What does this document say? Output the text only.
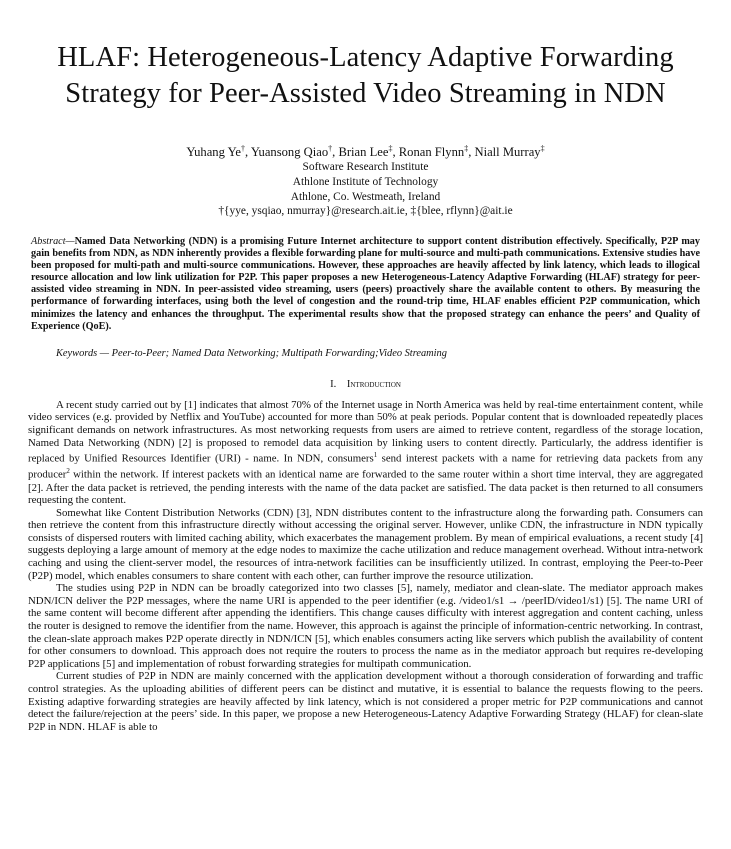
HLAF: Heterogeneous-Latency Adaptive Forwarding Strategy for Peer-Assisted Video Streaming in NDN
Yuhang Ye†, Yuansong Qiao†, Brian Lee‡, Ronan Flynn‡, Niall Murray‡
Software Research Institute
Athlone Institute of Technology
Athlone, Co. Westmeath, Ireland
†{yye, ysqiao, nmurray}@research.ait.ie, ‡{blee, rflynn}@ait.ie
Abstract—Named Data Networking (NDN) is a promising Future Internet architecture to support content distribution effectively. Specifically, P2P may gain benefits from NDN, as NDN inherently provides a flexible forwarding plane for multi-source and multi-path communications. Extensive studies have been proposed for multi-path and multi-source communications. However, these approaches are heavily affected by link latency, which leads to illogical resource allocation and low link utilization for P2P. This paper proposes a new Heterogeneous-Latency Adaptive Forwarding (HLAF) strategy for peer-assisted video streaming in NDN. In peer-assisted video streaming, users (peers) proactively share the available content to others. By measuring the performance of forwarding interfaces, using both the level of congestion and the round-trip time, HLAF enables efficient P2P communication, which minimizes the latency and enhances the throughput. The experimental results show that the proposed strategy can enhance the peers’ and Quality of Experience (QoE).
Keywords — Peer-to-Peer; Named Data Networking; Multipath Forwarding;Video Streaming
I. Introduction

A recent study carried out by [1] indicates that almost 70% of the Internet usage in North America was held by real-time entertainment content, while video services (e.g. provided by Netflix and YouTube) accounted for more than 50% at peak periods. Popular content that is downloaded repeatedly places significant demands on network infrastructures. As most networking requests from users are aimed to retrieve content, regardless of the storage location, Named Data Networking (NDN) [2] is proposed to remodel data acquisition by linking users to content directly. Particularly, the address identifier is replaced by Unified Resources Identifier (URI) - name. In NDN, consumers$^1$ send interest packets with a name for retrieving data packets from any producer$^2$ within the network. If interest packets with an identical name are forwarded to the same router within a short time interval, they are aggregated [2]. After the data packet is retrieved, the pending interests with the name of the data packet are satisfied. The data packet is then returned to all consumers requesting the content.

Somewhat like Content Distribution Networks (CDN) [3], NDN distributes content to the infrastructure along the forwarding path. Consumers can then retrieve the content from this infrastructure directly without accessing the original server. However, unlike CDN, the infrastructure in NDN typically consists of dispersed routers with limited caching ability, which exacerbates the management problem. By mean of empirical evaluations, a recent study [4] suggests deploying a large amount of memory at the edge nodes to maximize the cache utilization and reduce management overhead. Without intra-network caching and using the client-server model, the resources of intra-network facilities can be insufficiently utilized. In contrast, employing the Peer-to-Peer (P2P) model, which enables consumers to share content with each other, can further improve the resource utilization.

The studies using P2P in NDN can be broadly categorized into two classes [5], namely, mediator and clean-slate. The mediator approach makes NDN/ICN deliver the P2P messages, where the name URI is appended to the peer identifier (e.g. /video1/s1 → /peerID/video1/s1) [5]. The name URI of the same content will become different after appending the identifiers. This change causes difficulty with interest aggregation and content caching, unless the router is designed to remove the identifier from the name. However, this approach is against the principle of information-centric networking. In contrast, the clean-slate approach makes P2P operate directly in NDN/ICN [5], which enables consumers acting like servers which publish the availability of content for other consumers to download. This approach does not require the routers to process the name as in the mediator approach but requires re-developing P2P applications [5] and implementation of robust forwarding strategies for multipath communication.

Current studies of P2P in NDN are mainly concerned with the application development without a thorough consideration of forwarding and traffic control strategies. As the uploading abilities of different peers can be distinct and mutative, it is essential to balance the requests flowing to the peers. Existing adaptive forwarding strategies are heavily affected by link latency, which is not considered a proper metric for P2P communications and cannot detect the failure/rejection at the peers’ side. In this paper, we propose a new Heterogeneous-Latency Adaptive Forwarding Strategy (HLAF) for clean-slate P2P in NDN. HLAF is able to
